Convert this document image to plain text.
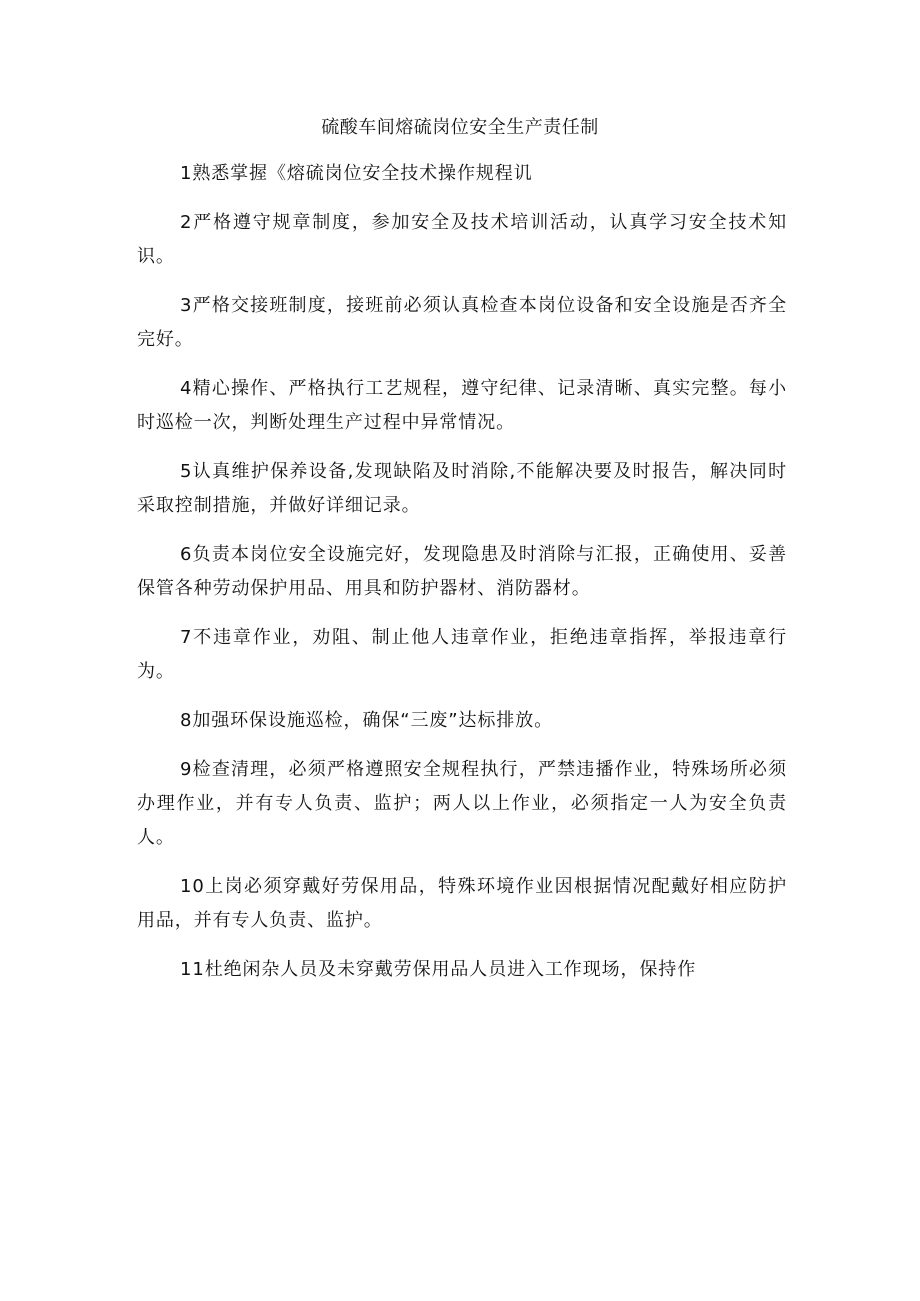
硫酸车间熔硫岗位安全生产责任制

1熟悉掌握《熔硫岗位安全技术操作规程讥

2严格遵守规章制度，参加安全及技术培训活动，认真学习安全技术知识。

3严格交接班制度，接班前必须认真检查本岗位设备和安全设施是否齐全完好。

4精心操作、严格执行工艺规程，遵守纪律、记录清晰、真实完整。每小时巡检一次，判断处理生产过程中异常情况。

5认真维护保养设备,发现缺陷及时消除,不能解决要及时报告，解决同时采取控制措施，并做好详细记录。

6负责本岗位安全设施完好，发现隐患及时消除与汇报，正确使用、妥善保管各种劳动保护用品、用具和防护器材、消防器材。

7不违章作业，劝阻、制止他人违章作业，拒绝违章指挥，举报违章行为。

8加强环保设施巡检，确保“三废”达标排放。

9检查清理，必须严格遵照安全规程执行，严禁违播作业，特殊场所必须办理作业，并有专人负责、监护；两人以上作业，必须指定一人为安全负责人。

10上岗必须穿戴好劳保用品，特殊环境作业因根据情况配戴好相应防护用品，并有专人负责、监护。

11杜绝闲杂人员及未穿戴劳保用品人员进入工作现场，保持作
